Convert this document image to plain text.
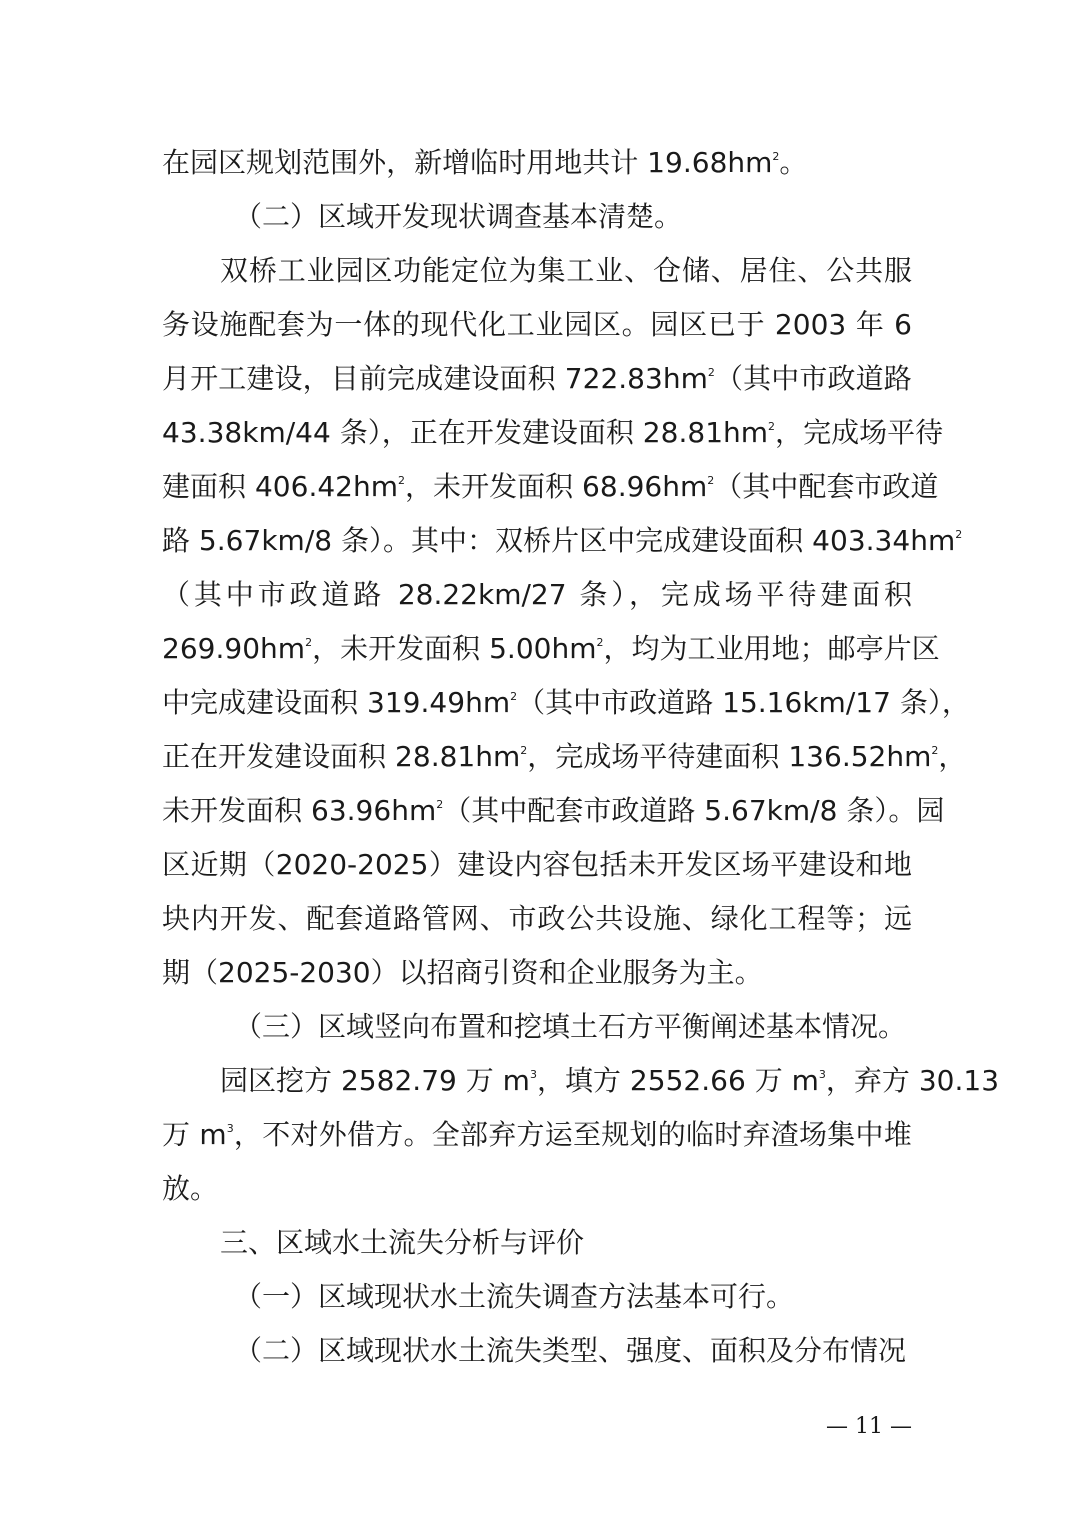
在园区规划范围外，新增临时用地共计 $19.68hm^2$。
（二）区域开发现状调查基本清楚。
双桥工业园区功能定位为集工业、仓储、居住、公共服
务设施配套为一体的现代化工业园区。园区已于 2003 年 6
月开工建设，目前完成建设面积 $722.83hm^2$（其中市政道路
43.38km/44 条），正在开发建设面积 $28.81hm^2$，完成场平待
建面积 $406.42hm^2$，未开发面积 $68.96hm^2$（其中配套市政道
路 5.67km/8 条）。其中：双桥片区中完成建设面积 $403.34hm^2$
（其中市政道路 28.22km/27 条），完成场平待建面积
$269.90hm^2$，未开发面积 $5.00hm^2$，均为工业用地；邮亭片区
中完成建设面积 $319.49hm^2$（其中市政道路 15.16km/17 条），
正在开发建设面积 $28.81hm^2$，完成场平待建面积 $136.52hm^2$，
未开发面积 $63.96hm^2$（其中配套市政道路 5.67km/8 条）。园
区近期（2020-2025）建设内容包括未开发区场平建设和地
块内开发、配套道路管网、市政公共设施、绿化工程等；远
期（2025-2030）以招商引资和企业服务为主。
（三）区域竖向布置和挖填土石方平衡阐述基本情况。
园区挖方 2582.79 万 $m^3$，填方 2552.66 万 $m^3$，弃方 30.13
万 $m^3$，不对外借方。全部弃方运至规划的临时弃渣场集中堆
放。
三、区域水土流失分析与评价
（一）区域现状水土流失调查方法基本可行。
（二）区域现状水土流失类型、强度、面积及分布情况
— 11 —
